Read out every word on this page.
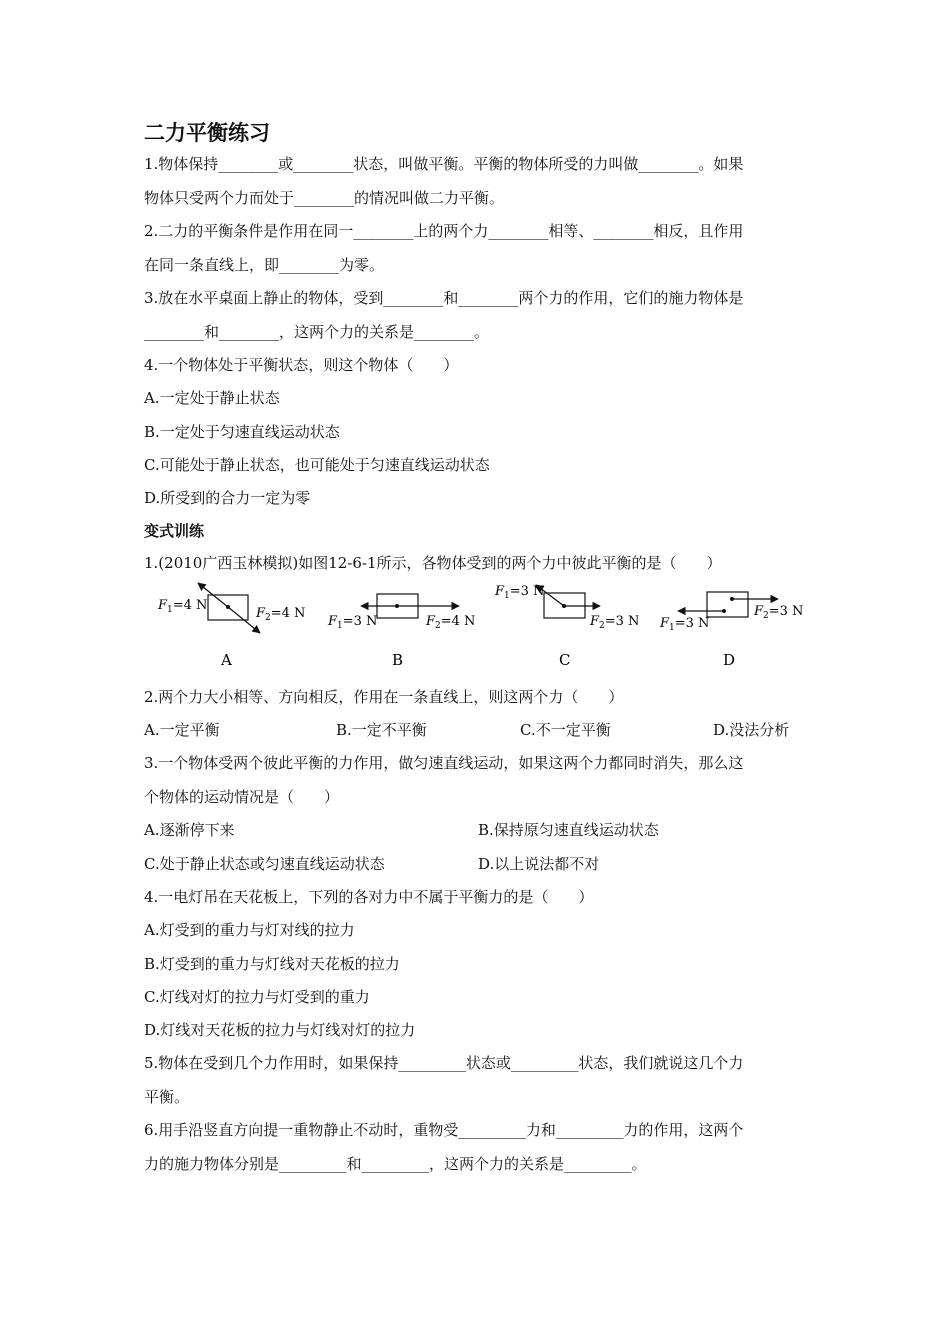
二力平衡练习
1.物体保持________或________状态，叫做平衡。平衡的物体所受的力叫做________。如果
物体只受两个力而处于________的情况叫做二力平衡。
2.二力的平衡条件是作用在同一________上的两个力________相等、________相反，且作用
在同一条直线上，即________为零。
3.放在水平桌面上静止的物体，受到________和________两个力的作用，它们的施力物体是
________和________，这两个力的关系是________。
4.一个物体处于平衡状态，则这个物体（　　）
A.一定处于静止状态
B.一定处于匀速直线运动状态
C.可能处于静止状态，也可能处于匀速直线运动状态
D.所受到的合力一定为零
变式训练
1.(2010广西玉林模拟)如图12-6-1所示，各物体受到的两个力中彼此平衡的是（　　）
$F_1=4$ N
$F_2=4$ N
A
$F_1=3$ N	$F_2=4$ N
B
$F_1=3$ N
$F_2=3$ N
C
$F_1=3$ N
$F_2=3$ N
D
2.两个力大小相等、方向相反，作用在一条直线上，则这两个力（　　）
A.一定平衡	B.一定不平衡	C.不一定平衡	D.没法分析
3.一个物体受两个彼此平衡的力作用，做匀速直线运动，如果这两个力都同时消失，那么这
个物体的运动情况是（　　）
A.逐渐停下来	B.保持原匀速直线运动状态
C.处于静止状态或匀速直线运动状态	D.以上说法都不对
4.一电灯吊在天花板上，下列的各对力中不属于平衡力的是（　　）
A.灯受到的重力与灯对线的拉力
B.灯受到的重力与灯线对天花板的拉力
C.灯线对灯的拉力与灯受到的重力
D.灯线对天花板的拉力与灯线对灯的拉力
5.物体在受到几个力作用时，如果保持_________状态或_________状态，我们就说这几个力
平衡。
6.用手沿竖直方向提一重物静止不动时，重物受_________力和_________力的作用，这两个
力的施力物体分别是_________和_________，这两个力的关系是_________。
